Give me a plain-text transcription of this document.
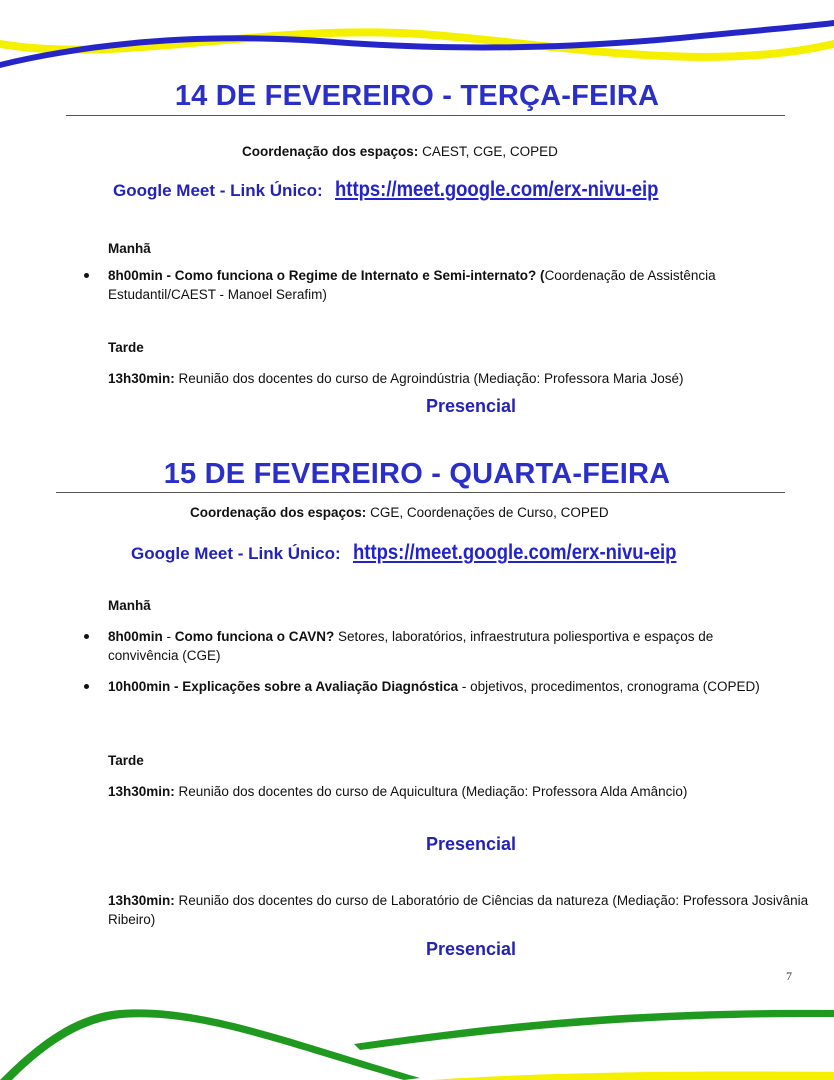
14 DE FEVEREIRO - TERÇA-FEIRA
Coordenação dos espaços: CAEST, CGE, COPED
Google Meet - Link Único: https://meet.google.com/erx-nivu-eip
Manhã
8h00min - Como funciona o Regime de Internato e Semi-internato? (Coordenação de Assistência Estudantil/CAEST - Manoel Serafim)
Tarde
13h30min: Reunião dos docentes do curso de Agroindústria (Mediação: Professora Maria José)
Presencial
15 DE FEVEREIRO - QUARTA-FEIRA
Coordenação dos espaços: CGE, Coordenações de Curso, COPED
Google Meet - Link Único: https://meet.google.com/erx-nivu-eip
Manhã
8h00min - Como funciona o CAVN? Setores, laboratórios, infraestrutura poliesportiva e espaços de convivência (CGE)
10h00min - Explicações sobre a Avaliação Diagnóstica - objetivos, procedimentos, cronograma (COPED)
Tarde
13h30min: Reunião dos docentes do curso de Aquicultura (Mediação: Professora Alda Amâncio)
Presencial
13h30min: Reunião dos docentes do curso de Laboratório de Ciências da natureza (Mediação: Professora Josivânia Ribeiro)
Presencial
7
